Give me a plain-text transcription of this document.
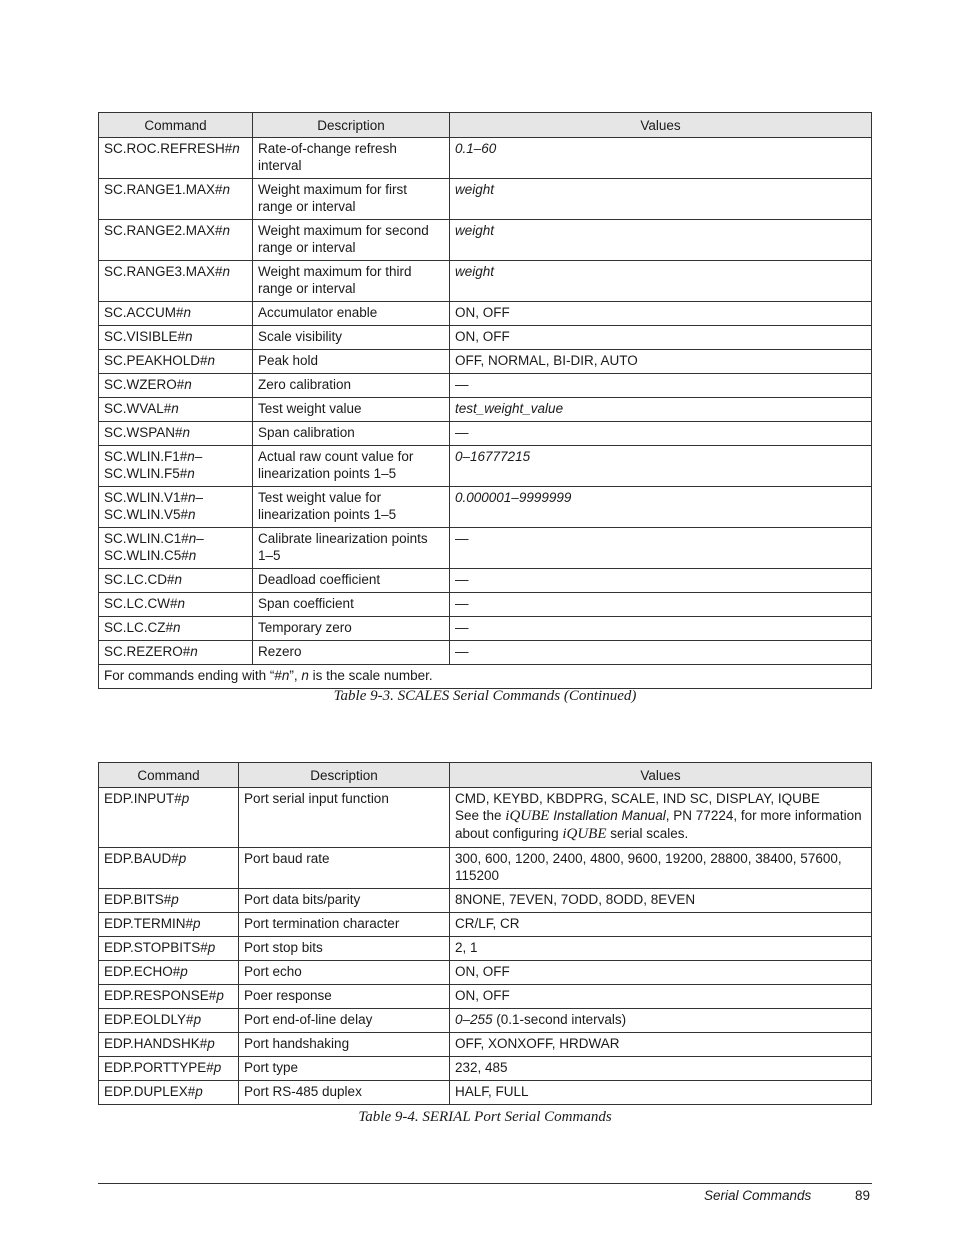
Command	Description	Values

SC.ROC.REFRESH#n	Rate-of-change refresh interval	0.1–60

SC.RANGE1.MAX#n	Weight maximum for first range or interval	weight

SC.RANGE2.MAX#n	Weight maximum for second range or interval	weight

SC.RANGE3.MAX#n	Weight maximum for third range or interval	weight

SC.ACCUM#n	Accumulator enable	ON, OFF

SC.VISIBLE#n	Scale visibility	ON, OFF

SC.PEAKHOLD#n	Peak hold	OFF, NORMAL, BI-DIR, AUTO

SC.WZERO#n	Zero calibration	—

SC.WVAL#n	Test weight value	test_weight_value

SC.WSPAN#n	Span calibration	—

SC.WLIN.F1#n–
SC.WLIN.F5#n	Actual raw count value for linearization points 1–5	0–16777215

SC.WLIN.V1#n–
SC.WLIN.V5#n	Test weight value for linearization points 1–5	0.000001–9999999

SC.WLIN.C1#n–
SC.WLIN.C5#n	Calibrate linearization points 1–5	—

SC.LC.CD#n	Deadload coefficient	—

SC.LC.CW#n	Span coefficient	—

SC.LC.CZ#n	Temporary zero	—

SC.REZERO#n	Rezero	—
For commands ending with “#n”, n is the scale number.		
Table 9-3. SCALES Serial Commands (Continued)
Command	Description	Values
EDP.INPUT#p	Port serial input function	CMD, KEYBD, KBDPRG, SCALE, IND SC, DISPLAY, IQUBE
See the iQUBE Installation Manual, PN 77224, for more information about configuring iQUBE serial scales.

EDP.BAUD#p	Port baud rate	300, 600, 1200, 2400, 4800, 9600, 19200, 28800, 38400, 57600, 115200
EDP.BITS#p	Port data bits/parity	8NONE, 7EVEN, 7ODD, 8ODD, 8EVEN
EDP.TERMIN#p	Port termination character	CR/LF, CR
EDP.STOPBITS#p	Port stop bits	2, 1
EDP.ECHO#p	Port echo	ON, OFF
EDP.RESPONSE#p	Poer response	ON, OFF
EDP.EOLDLY#p	Port end-of-line delay	0–255 (0.1-second intervals)
EDP.HANDSHK#p	Port handshaking	OFF, XONXOFF, HRDWAR
EDP.PORTTYPE#p	Port type	232, 485
EDP.DUPLEX#p	Port RS-485 duplex	HALF, FULL
Table 9-4. SERIAL Port Serial Commands
Serial Commands	89
